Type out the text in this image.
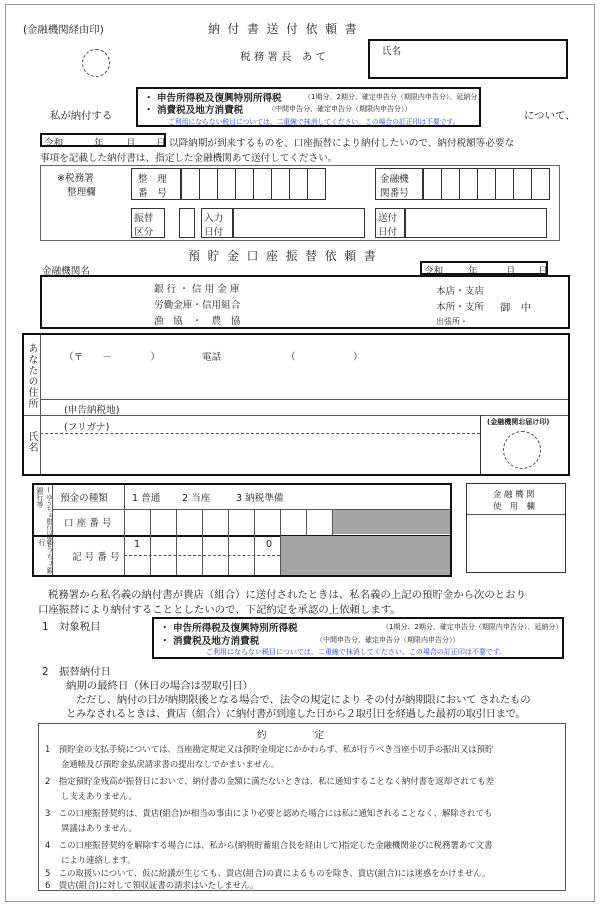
(金融機関経由印)	納 付 書 送 付 依 頼 書
税 務 署 長　あ て	氏名
私が納付する
・ 申告所得税及復興特別所得税	（1期分、2期分、確定申告分（期限内申告分）、延納分）
・ 消費税及地方消費税	（中間申告分、確定申告分（期限内申告分））
ご利用にならない税目については、二重線で抹消してください。この場合の訂正印は不要です。	について、
令和	年 月 日 以降納期が到来するものを、口座振替により納付したいので、納付税額等必要な
事項を記載した納付書は、指定した金融機関あて送付してください。
※税務署
整理欄
整　理
番　号
金融機
関番号
振替
区分
入力
日付
送付
日付
預 貯 金 口 座 振 替 依 頼 書
金融機関名	令和	年	月 日
銀 行 ・ 信 用 金 庫
労働金庫・信用組合
漁　協　・　農　協
本店・支店
本所・支所 御　中
出張所・
あなたの住所	（〒　　－　　　　）	電話	（　　　　　　）
(申告納税地)
氏名
(フリガナ)	(金融機関お届け印)
銀行等 (ゆうちょ銀行以外) 預金の種類	1 普通 2 当座	3 納税準備
口 座 番 号
ゆうちょ銀行
記 号 番 号
1	0
金 融 機 関
使　用　欄
税務署から私名義の納付書が貴店（組合）に送付されたときは、私名義の上記の預貯金から次のとおり
口座振替により納付することとしたいので、下記約定を承認の上依頼します。
1　対象税目	・ 申告所得税及復興特別所得税	（1期分、2期分、確定申告分（期限内申告分）、延納分）
・ 消費税及地方消費税	（中間申告分、確定申告分（期限内申告分））
ご利用にならない税目については、二重線で抹消してください。この場合の訂正印は不要です。
2　振替納付日
納期の最終日（休日の場合は翌取引日）
ただし、納付の日が納期限後となる場合で、法令の規定により その付が納期限において されたもの
とみなされるときは、貴店（組合）に納付書が到達した日から２取引日を経過した最初の取引日まで。
約　　　　　定
1　預貯金の支払手続については、当座勘定規定又は預貯金規定にかかわらず、私が行うべき当座小切手の振出又は預貯
金通帳及び預貯金払戻請求書の提出なしでかまいません。
2　指定預貯金残高が振替日において、納付書の金額に満たないときは、私に通知することなく納付書を返却されても差
し支えありません。
3　この口座振替契約は、貴店(組合)が相当の事由により必要と認めた場合には私に通知されることなく、解除されても
異議はありません。
4　この口座振替契約を解除する場合には、私から(納税貯蓄組合長を経由して)指定した金融機関並びに税務署あて文書
により連絡します。
5　この取扱いについて、仮に紛議が生じても、貴店(組合)の責によるものを除き、貴店(組合)には迷惑をかけません。
6　貴店(組合)に対して領収証書の請求はいたしません。
